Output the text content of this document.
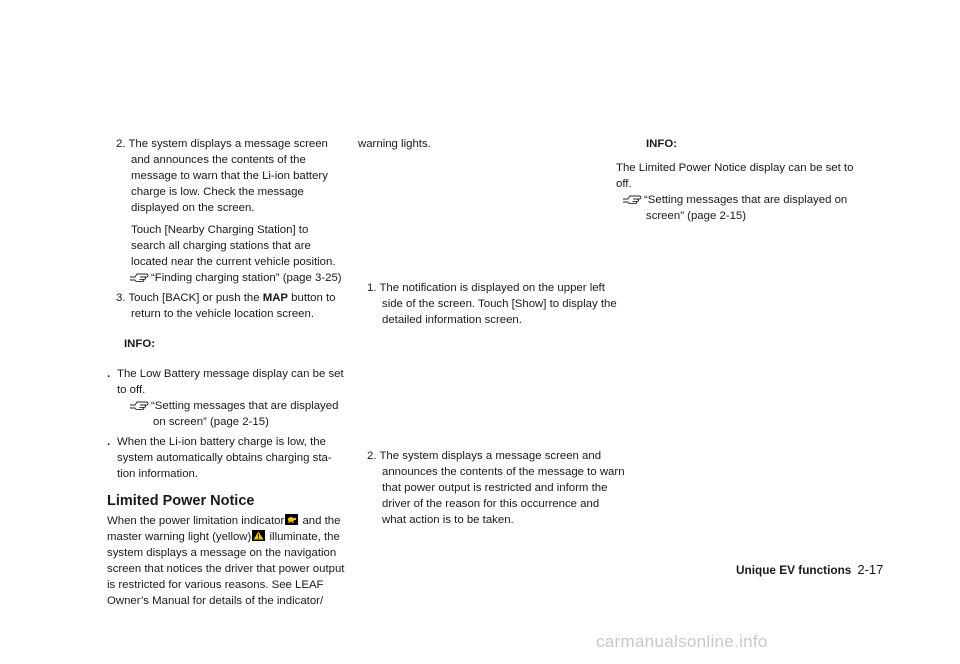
2. The system displays a message screen and announces the contents of the message to warn that the Li-ion battery charge is low. Check the message displayed on the screen.

Touch [Nearby Charging Station] to search all charging stations that are located near the current vehicle position.

“Finding charging station” (page 3-25)

3. Touch [BACK] or push the MAP button to return to the vehicle location screen.

INFO:

. The Low Battery message display can be set to off.

“Setting messages that are displayed on screen” (page 2-15)

. When the Li-ion battery charge is low, the system automatically obtains charging sta-tion information.

Limited Power Notice

When the power limitation indicator
and the master warning light (yellow)
illuminate, the system displays a message on the navigation screen that notices the driver that power output is restricted for various reasons. See LEAF Owner’s Manual for details of the indicator/

warning lights.

1. The notification is displayed on the upper left side of the screen. Touch [Show] to display the detailed information screen.

2. The system displays a message screen and announces the contents of the message to warn that power output is restricted and inform the driver of the reason for this occurrence and what action is to be taken.

INFO:

The Limited Power Notice display can be set to off.

“Setting messages that are displayed on screen” (page 2-15)

Unique EV functions 2-17
carmanualsonline.info
